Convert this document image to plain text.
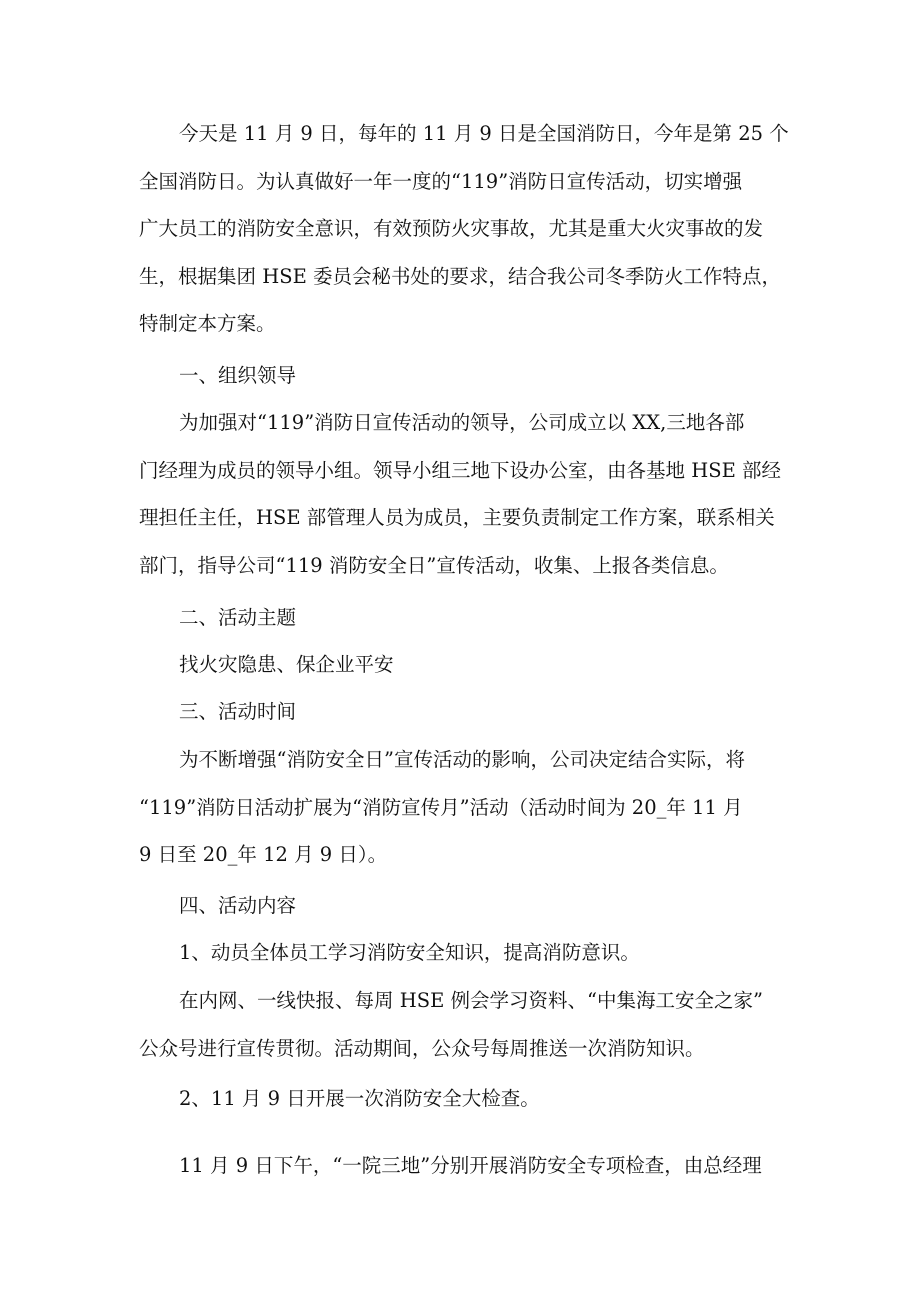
今天是 11 月 9 日，每年的 11 月 9 日是全国消防日，今年是第 25 个
全国消防日。为认真做好一年一度的“119”消防日宣传活动，切实增强
广大员工的消防安全意识，有效预防火灾事故，尤其是重大火灾事故的发
生，根据集团 HSE 委员会秘书处的要求，结合我公司冬季防火工作特点，
特制定本方案。
一、组织领导
为加强对“119”消防日宣传活动的领导，公司成立以 XX,三地各部
门经理为成员的领导小组。领导小组三地下设办公室，由各基地 HSE 部经
理担任主任，HSE 部管理人员为成员，主要负责制定工作方案，联系相关
部门，指导公司“119 消防安全日”宣传活动，收集、上报各类信息。
二、活动主题
找火灾隐患、保企业平安
三、活动时间
为不断增强“消防安全日”宣传活动的影响，公司决定结合实际，将
“119”消防日活动扩展为“消防宣传月”活动（活动时间为 20_年 11 月
9 日至 20_年 12 月 9 日）。
四、活动内容
1、动员全体员工学习消防安全知识，提高消防意识。
在内网、一线快报、每周 HSE 例会学习资料、“中集海工安全之家”
公众号进行宣传贯彻。活动期间，公众号每周推送一次消防知识。
2、11 月 9 日开展一次消防安全大检查。
11 月 9 日下午，“一院三地”分别开展消防安全专项检查，由总经理
